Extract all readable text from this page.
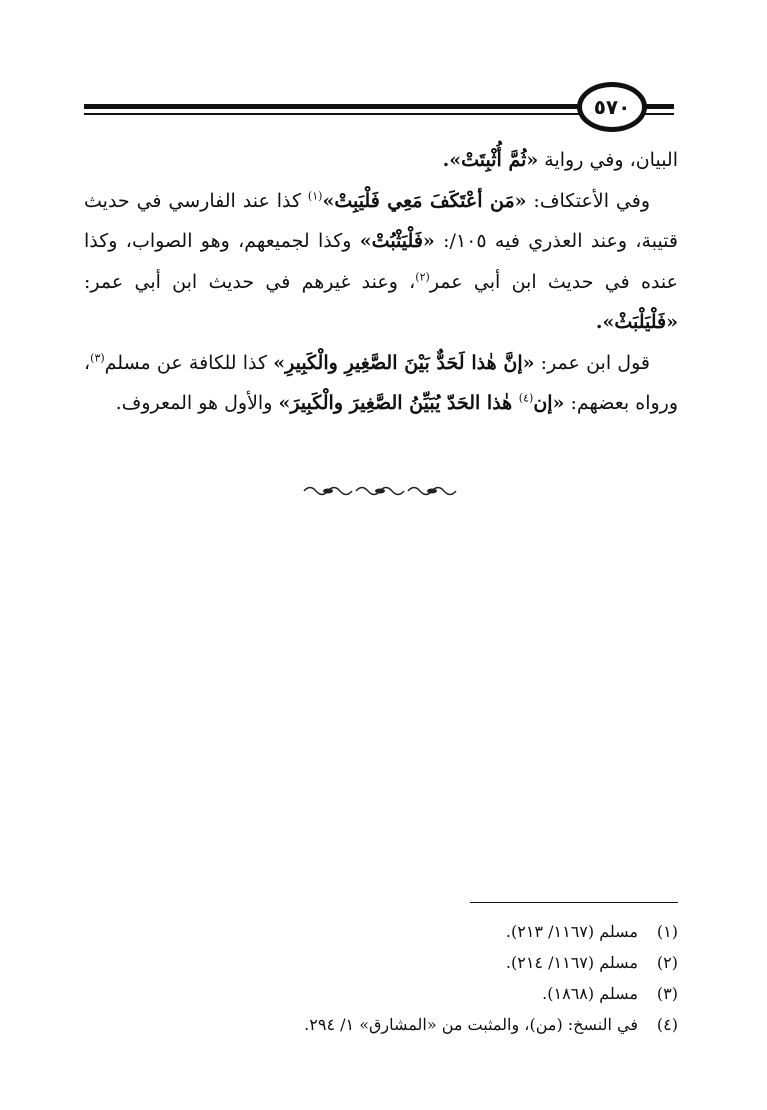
٥٧٠

البيان، وفي رواية «ثُمَّ أُثْبِتَتْ».

وفي الأعتكاف: «مَن أعْتَكَفَ مَعِي فَلْيَبِتْ»$^{(١)}$ كذا عند الفارسي في حديث قتيبة، وعند العذري فيه ١٠٥/: «فَلْيَثْبُتْ» وكذا لجميعهم، وهو الصواب، وكذا عنده في حديث ابن أبي عمر$^{(٢)}$، وعند غيرهم في حديث ابن أبي عمر: «فَلْيَلْبَثْ».

قول ابن عمر: «إنَّ هٰذا لَحَدٌّ بَيْنَ الصَّغِيرِ والْكَبِيرِ» كذا للكافة عن مسلم$^{(٣)}$، ورواه بعضهم: «إن$^{(٤)}$ هٰذا الحَدّ يُبَيِّنُ الصَّغِيرَ والْكَبِيرَ» والأول هو المعروف.

(١)
مسلم (١١٦٧/ ٢١٣).
(٢)
مسلم (١١٦٧/ ٢١٤).
(٣)
مسلم (١٨٦٨).
(٤)
في النسخ: (من)، والمثبت من «المشارق» ١/ ٢٩٤.
